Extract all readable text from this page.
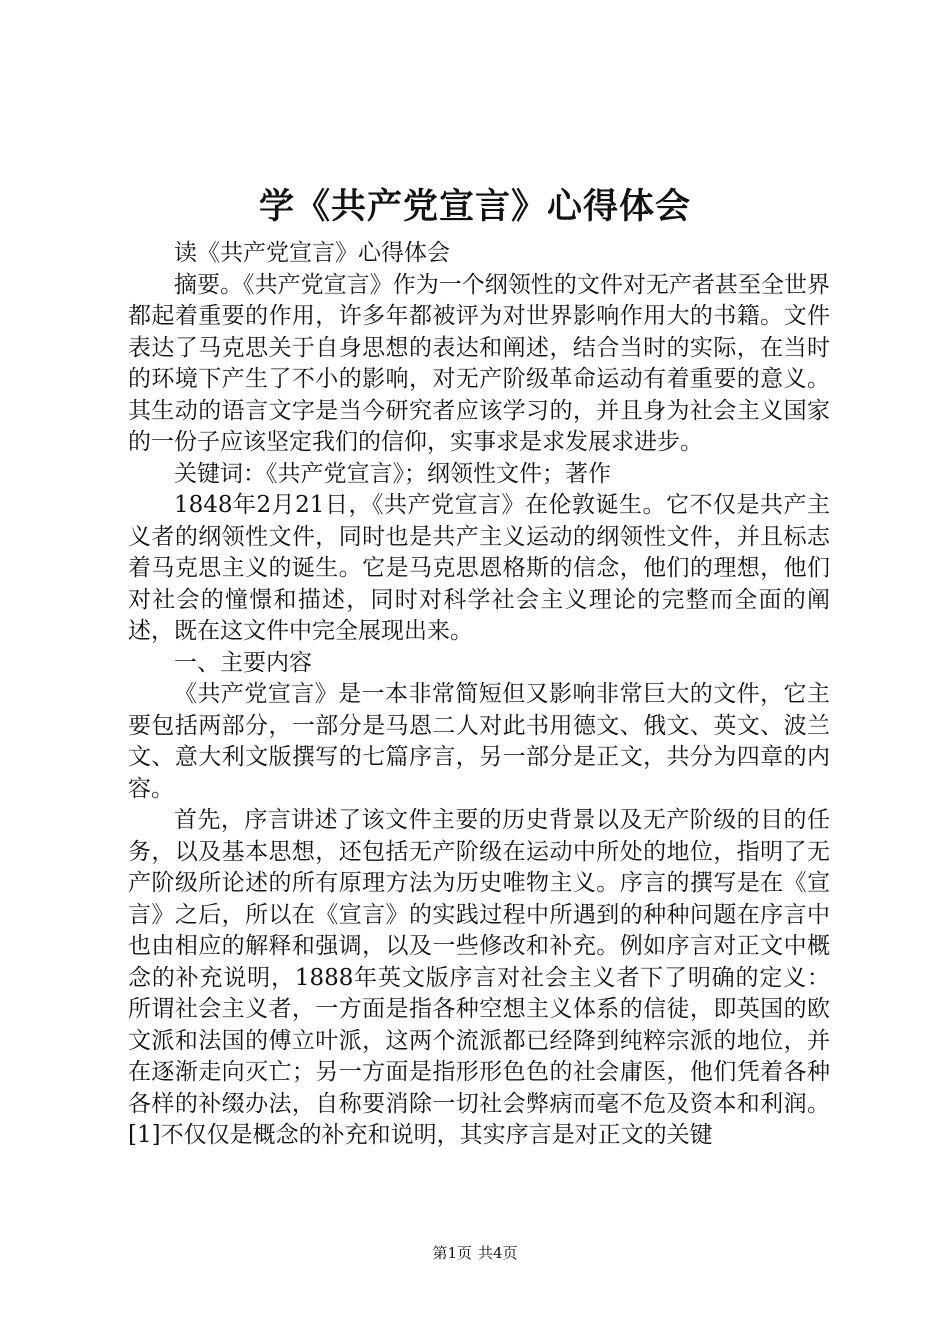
学《共产党宣言》心得体会

读《共产党宣言》心得体会

摘要。《共产党宣言》作为一个纲领性的文件对无产者甚至全世界都起着重要的作用，许多年都被评为对世界影响作用大的书籍。文件表达了马克思关于自身思想的表达和阐述，结合当时的实际，在当时的环境下产生了不小的影响，对无产阶级革命运动有着重要的意义。其生动的语言文字是当今研究者应该学习的，并且身为社会主义国家的一份子应该坚定我们的信仰，实事求是求发展求进步。

关键词：《共产党宣言》；纲领性文件；著作

1848年2月21日，《共产党宣言》在伦敦诞生。它不仅是共产主义者的纲领性文件，同时也是共产主义运动的纲领性文件，并且标志着马克思主义的诞生。它是马克思恩格斯的信念，他们的理想，他们对社会的憧憬和描述，同时对科学社会主义理论的完整而全面的阐述，既在这文件中完全展现出来。

一、主要内容

《共产党宣言》是一本非常简短但又影响非常巨大的文件，它主要包括两部分，一部分是马恩二人对此书用德文、俄文、英文、波兰文、意大利文版撰写的七篇序言，另一部分是正文，共分为四章的内容。

首先，序言讲述了该文件主要的历史背景以及无产阶级的目的任务，以及基本思想，还包括无产阶级在运动中所处的地位，指明了无产阶级所论述的所有原理方法为历史唯物主义。序言的撰写是在《宣言》之后，所以在《宣言》的实践过程中所遇到的种种问题在序言中也由相应的解释和强调，以及一些修改和补充。例如序言对正文中概念的补充说明，1888年英文版序言对社会主义者下了明确的定义：所谓社会主义者，一方面是指各种空想主义体系的信徒，即英国的欧文派和法国的傅立叶派，这两个流派都已经降到纯粹宗派的地位，并在逐渐走向灭亡；另一方面是指形形色色的社会庸医，他们凭着各种各样的补缀办法，自称要消除一切社会弊病而毫不危及资本和利润。[1]不仅仅是概念的补充和说明，其实序言是对正文的关键

第1页 共4页
